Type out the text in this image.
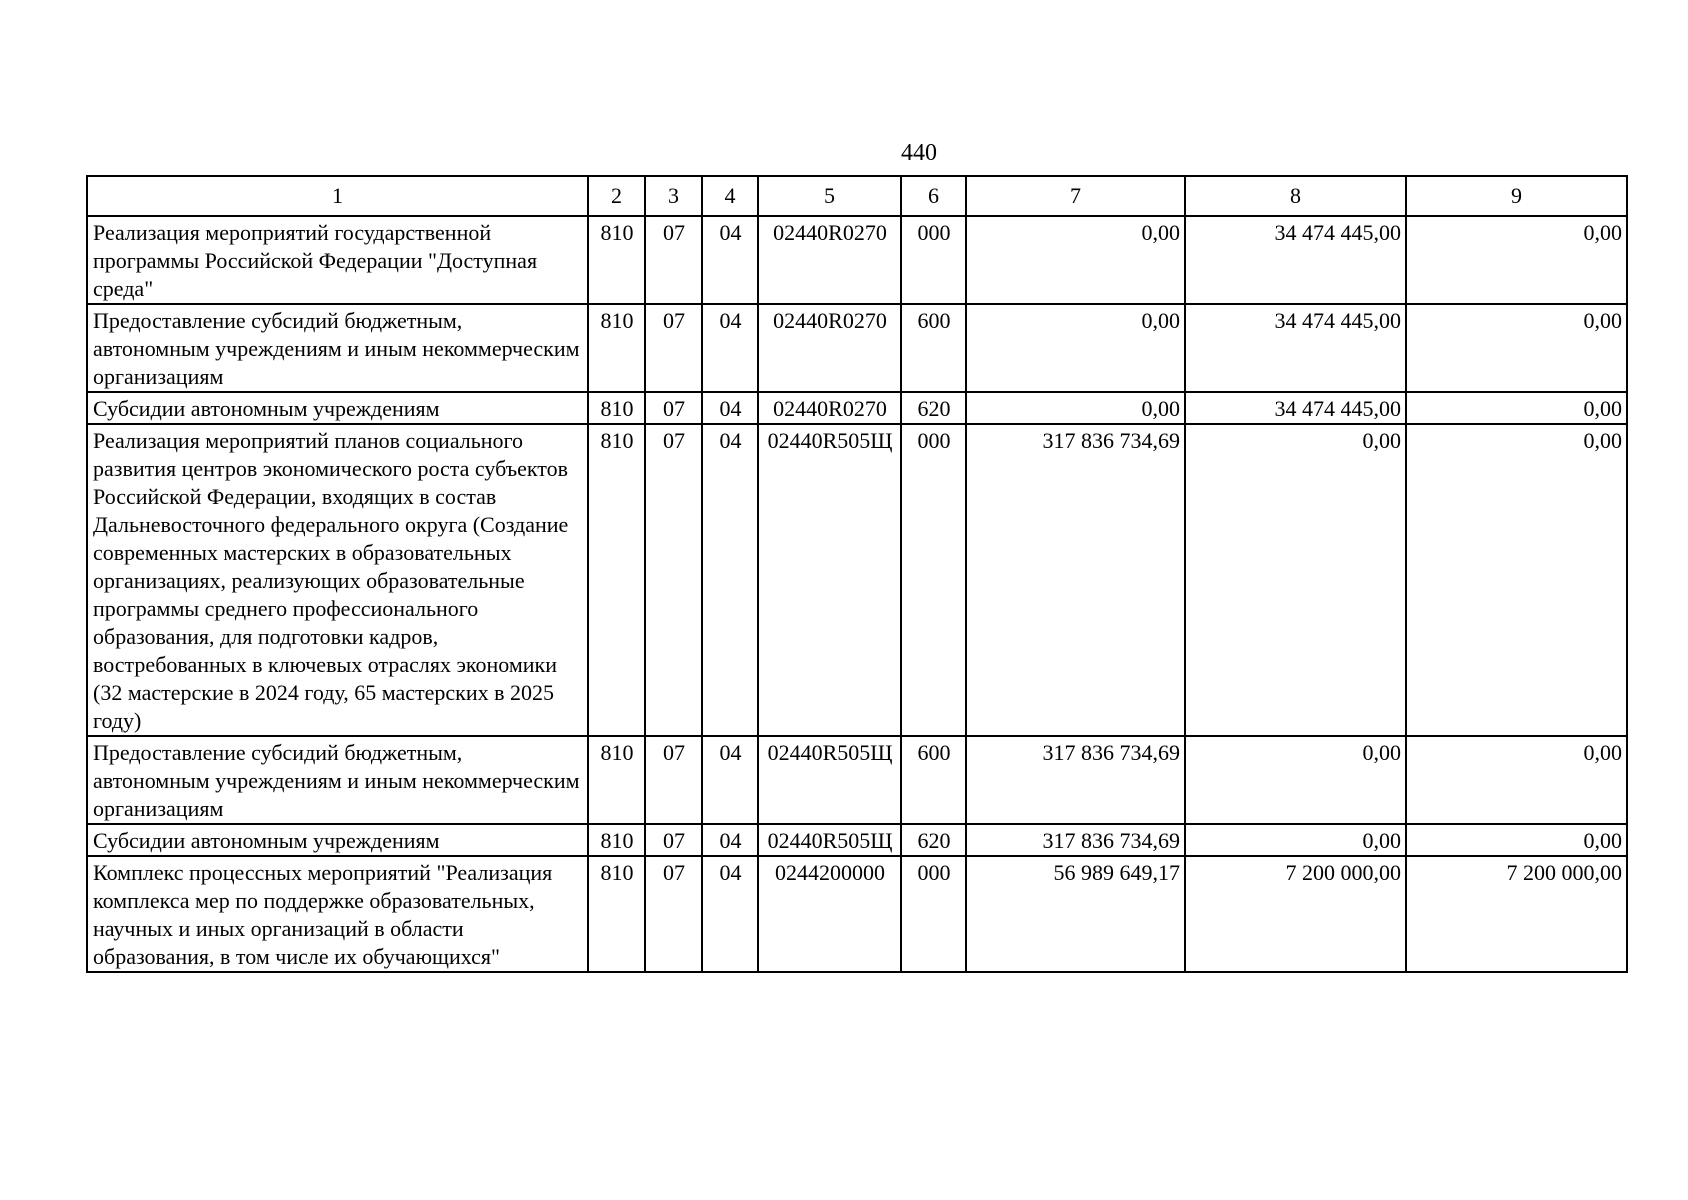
440
1	2	3	4	5	6	7	8	9
Реализация мероприятий государственной программы Российской Федерации "Доступная среда"	810	07	04	02440R0270	000	0,00	34 474 445,00	0,00
Предоставление субсидий бюджетным, автономным учреждениям и иным некоммерческим организациям	810	07	04	02440R0270	600	0,00	34 474 445,00	0,00
Субсидии автономным учреждениям	810	07	04	02440R0270	620	0,00	34 474 445,00	0,00
Реализация мероприятий планов социального развития центров экономического роста субъектов Российской Федерации, входящих в состав Дальневосточного федерального округа (Создание современных мастерских в образовательных организациях, реализующих образовательные программы среднего профессионального образования, для подготовки кадров, востребованных в ключевых отраслях экономики (32 мастерские в 2024 году, 65 мастерских в 2025 году)	810	07	04	02440R505Щ	000	317 836 734,69	0,00	0,00
Предоставление субсидий бюджетным, автономным учреждениям и иным некоммерческим организациям	810	07	04	02440R505Щ	600	317 836 734,69	0,00	0,00
Субсидии автономным учреждениям	810	07	04	02440R505Щ	620	317 836 734,69	0,00	0,00
Комплекс процессных мероприятий "Реализация комплекса мер по поддержке образовательных, научных и иных организаций в области образования, в том числе их обучающихся"	810	07	04	0244200000	000	56 989 649,17	7 200 000,00	7 200 000,00
